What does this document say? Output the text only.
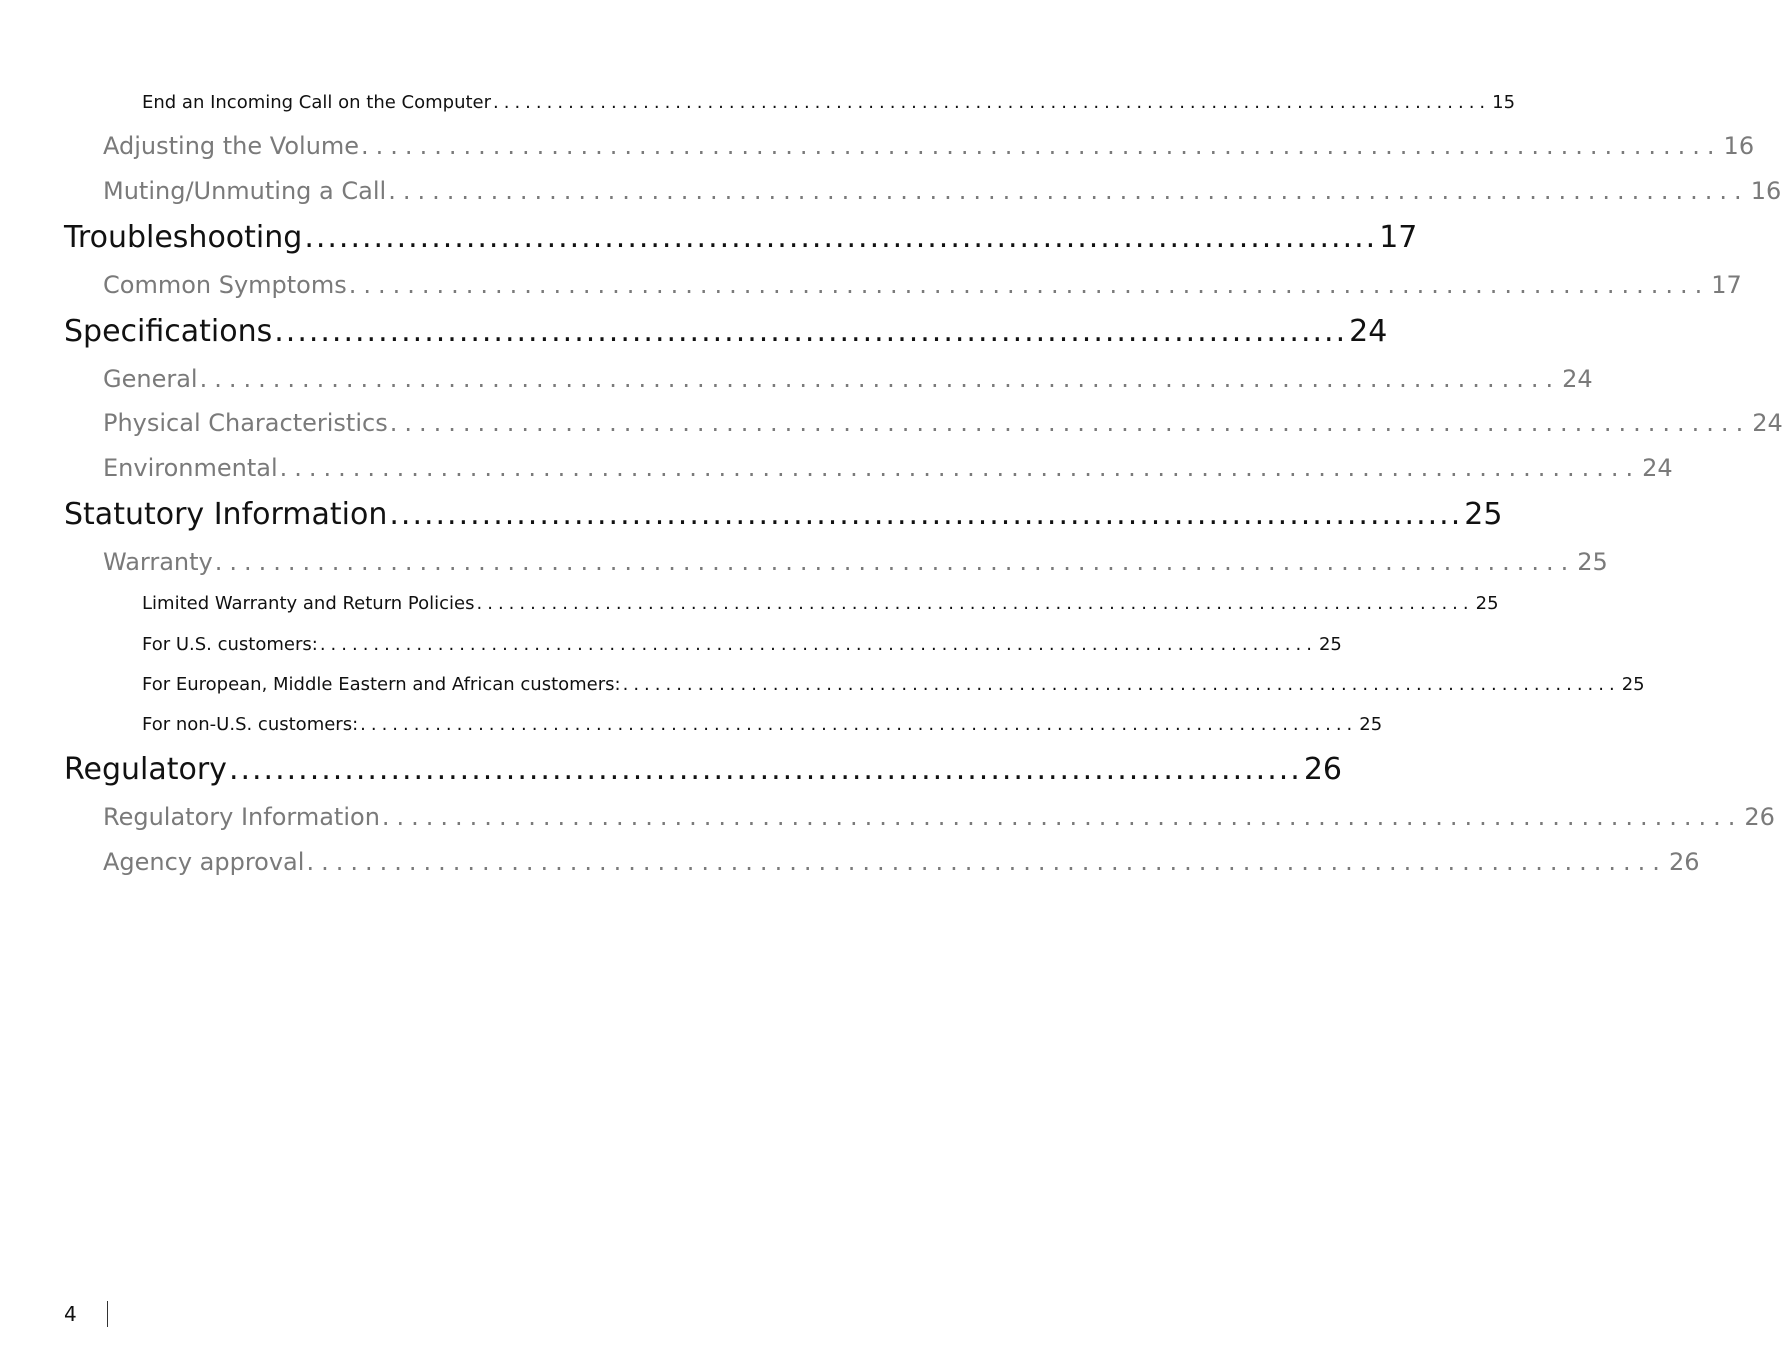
End an Incoming Call on the Computer ............................................................................................. 15
Adjusting the Volume ............................................................................................. 16
Muting/Unmuting a Call ............................................................................................. 16
Troubleshooting ............................................................................................. 17
Common Symptoms ............................................................................................. 17
Specifications ............................................................................................. 24
General ............................................................................................. 24
Physical Characteristics ............................................................................................. 24
Environmental ............................................................................................. 24
Statutory Information ............................................................................................. 25
Warranty ............................................................................................. 25
Limited Warranty and Return Policies ............................................................................................. 25
For U.S. customers: ............................................................................................. 25
For European, Middle Eastern and African customers: ............................................................................................. 25
For non-U.S. customers: ............................................................................................. 25
Regulatory ............................................................................................. 26
Regulatory Information ............................................................................................. 26
Agency approval ............................................................................................. 26
4
